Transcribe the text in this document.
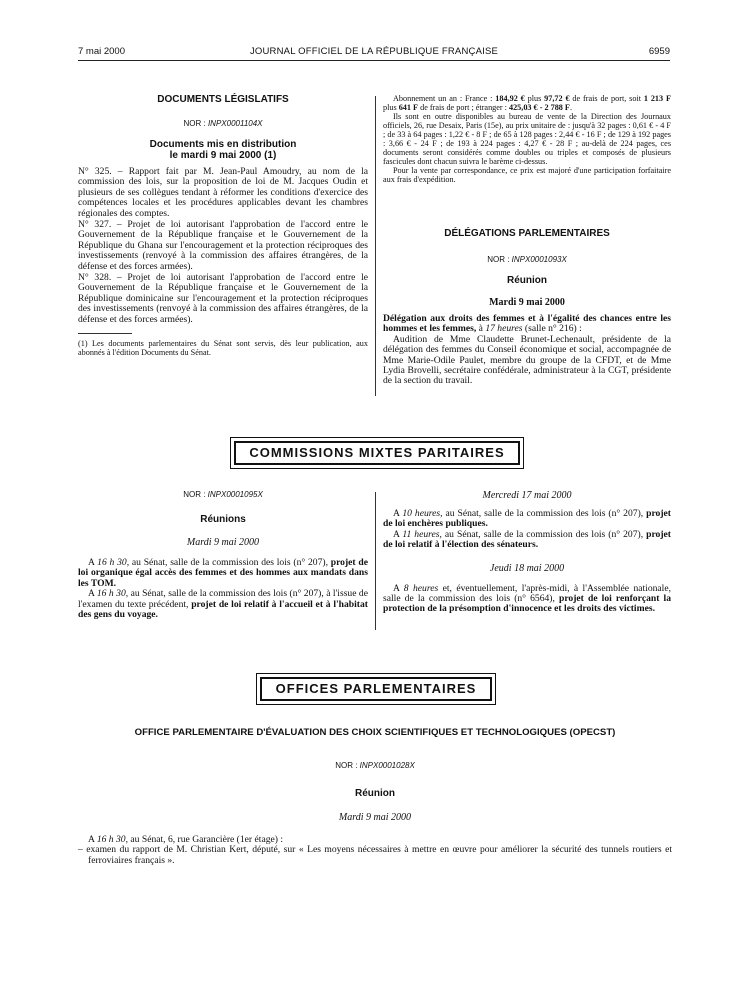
7 mai 2000	JOURNAL OFFICIEL DE LA RÉPUBLIQUE FRANÇAISE	6959
DOCUMENTS LÉGISLATIFS
NOR : INPX0001104X
Documents mis en distribution
le mardi 9 mai 2000 (1)

N° 325. – Rapport fait par M. Jean-Paul Amoudry, au nom de la commission des lois, sur la proposition de loi de M. Jacques Oudin et plusieurs de ses collègues tendant à réformer les conditions d'exercice des compétences locales et les procédures applicables devant les chambres régionales des comptes.

N° 327. – Projet de loi autorisant l'approbation de l'accord entre le Gouvernement de la République française et le Gouvernement de la République du Ghana sur l'encouragement et la protection réciproques des investissements (renvoyé à la commission des affaires étrangères, de la défense et des forces armées).

N° 328. – Projet de loi autorisant l'approbation de l'accord entre le Gouvernement de la République française et le Gouvernement de la République dominicaine sur l'encouragement et la protection réciproques des investissements (renvoyé à la commission des affaires étrangères, de la défense et des forces armées).

(1) Les documents parlementaires du Sénat sont servis, dès leur publication, aux abonnés à l'édition Documents du Sénat.

Abonnement un an : France : 184,92 € plus 97,72 € de frais de port, soit 1 213 F plus 641 F de frais de port ; étranger : 425,03 € - 2 788 F.

Ils sont en outre disponibles au bureau de vente de la Direction des Journaux officiels, 26, rue Desaix, Paris (15e), au prix unitaire de : jusqu'à 32 pages : 0,61 € - 4 F ; de 33 à 64 pages : 1,22 € - 8 F ; de 65 à 128 pages : 2,44 € - 16 F ; de 129 à 192 pages : 3,66 € - 24 F ; de 193 à 224 pages : 4,27 € - 28 F ; au-delà de 224 pages, ces documents seront considérés comme doubles ou triples et composés de plusieurs fascicules dont chacun suivra le barème ci-dessus.

Pour la vente par correspondance, ce prix est majoré d'une participation forfaitaire aux frais d'expédition.

DÉLÉGATIONS PARLEMENTAIRES
NOR : INPX0001093X
Réunion
Mardi 9 mai 2000

Délégation aux droits des femmes et à l'égalité des chances entre les hommes et les femmes, à 17 heures (salle n° 216) :

Audition de Mme Claudette Brunet-Lechenault, présidente de la délégation des femmes du Conseil économique et social, accompagnée de Mme Marie-Odile Paulet, membre du groupe de la CFDT, et de Mme Lydia Brovelli, secrétaire confédérale, administrateur à la CGT, présidente de la section du travail.

COMMISSIONS MIXTES PARITAIRES
NOR : INPX0001095X
Réunions
Mardi 9 mai 2000

A 16 h 30, au Sénat, salle de la commission des lois (n° 207), projet de loi organique égal accès des femmes et des hommes aux mandats dans les TOM.

A 16 h 30, au Sénat, salle de la commission des lois (n° 207), à l'issue de l'examen du texte précédent, projet de loi relatif à l'accueil et à l'habitat des gens du voyage.

Mercredi 17 mai 2000

A 10 heures, au Sénat, salle de la commission des lois (n° 207), projet de loi enchères publiques.

A 11 heures, au Sénat, salle de la commission des lois (n° 207), projet de loi relatif à l'élection des sénateurs.

Jeudi 18 mai 2000

A 8 heures et, éventuellement, l'après-midi, à l'Assemblée nationale, salle de la commission des lois (n° 6564), projet de loi renforçant la protection de la présomption d'innocence et les droits des victimes.

OFFICES PARLEMENTAIRES
OFFICE PARLEMENTAIRE D'ÉVALUATION DES CHOIX SCIENTIFIQUES ET TECHNOLOGIQUES (OPECST)
NOR : INPX0001028X
Réunion
Mardi 9 mai 2000

A 16 h 30, au Sénat, 6, rue Garancière (1er étage) :

– examen du rapport de M. Christian Kert, député, sur « Les moyens nécessaires à mettre en œuvre pour améliorer la sécurité des tunnels routiers et ferroviaires français ».
